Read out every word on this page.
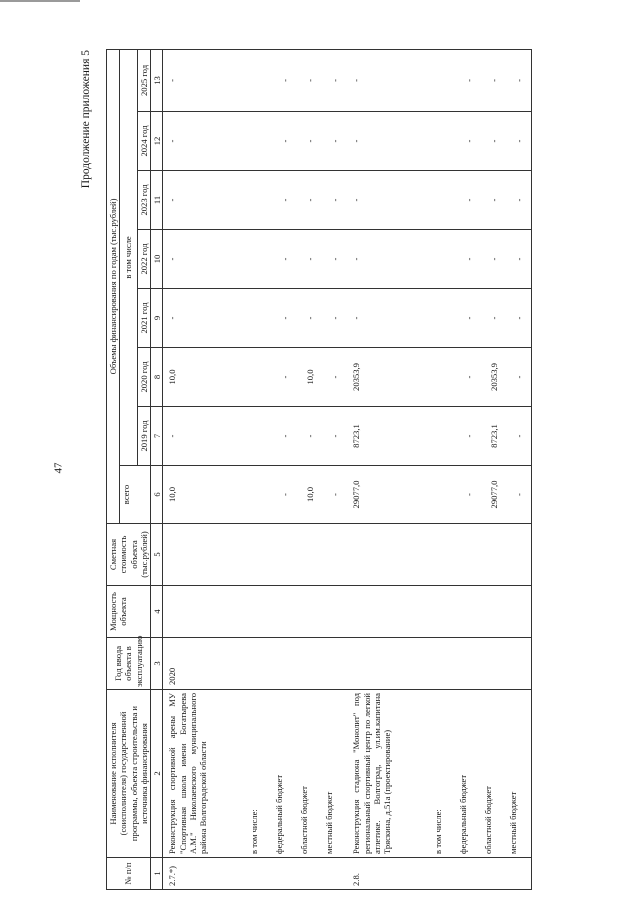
47
Продолжение приложения 5
№ п/п	Наименование исполнителя (соисполнителя) государственной программы, объекта строительства и источника финансирования	Год ввода объекта в эксплуатацию	Мощность объекта	Сметная стоимость объекта (тыс.рублей)	Объемы финансирования по годам (тыс.рублей)							
					всего	в том числе						
						2019 год	2020 год	2021 год	2022 год	2023 год	2024 год	2025 год
1	2	3	4	5	6	7	8	9	10	11	12	13
2.7.*)	Реконструкция спортивной арены МУ "Спортивная школа имени Богатырева А.М." Николаевского муниципального района Волгоградской области	2020			10,0	-	10,0	-	-	-	-	-
	в том числе:											
	федеральный бюджет				-	-	-	-	-	-	-	-
	областной бюджет				10,0	-	10,0	-	-	-	-	-
	местный бюджет				-	-	-	-	-	-	-	-
2.8.	Реконструкция стадиона "Монолит" под региональный спортивный центр по легкой атлетике. Волгоград, ул.им.капитана Тряскина, д.51а (проектирование)				29077,0	8723,1	20353,9	-	-	-	-	-
	в том числе:											
	федеральный бюджет				-	-	-	-	-	-	-	-
	областной бюджет				29077,0	8723,1	20353,9	-	-	-	-	-
	местный бюджет				-	-	-	-	-	-	-	-
